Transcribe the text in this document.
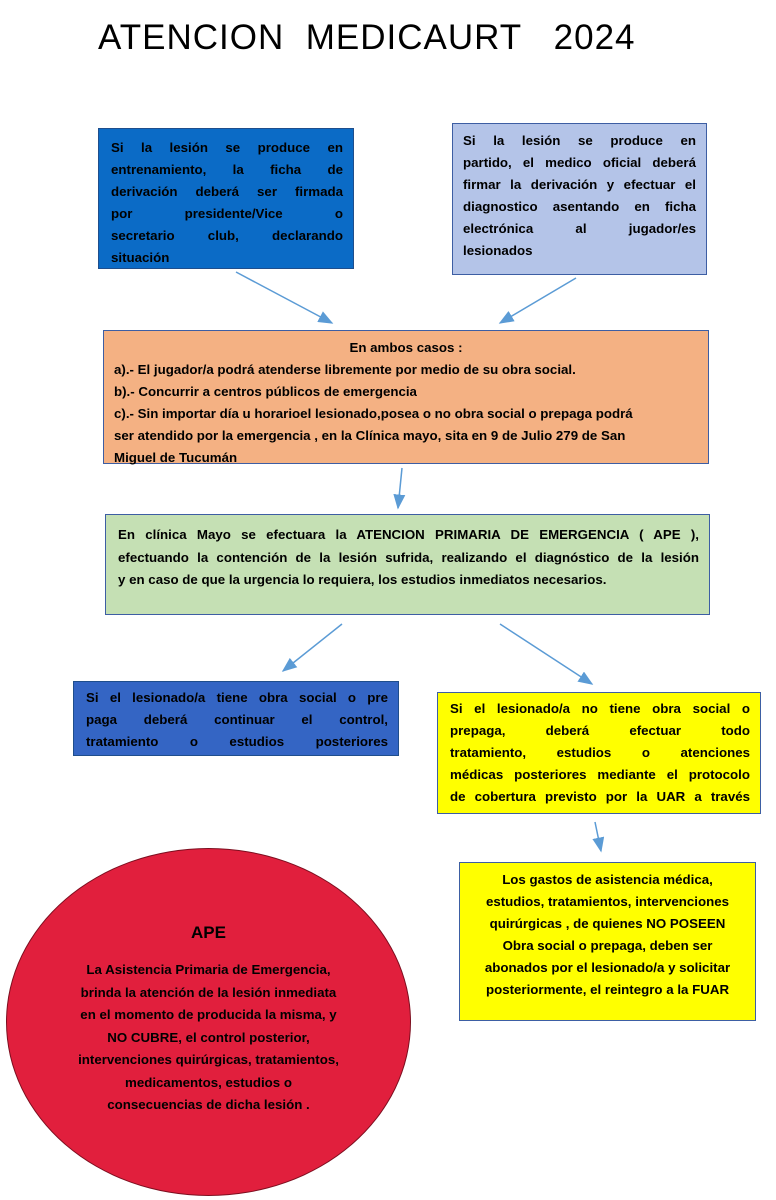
ATENCION  MEDICAURT   2024
Si la lesión se produce en
entrenamiento, la ficha de
derivación deberá ser firmada
por presidente/Vice o
secretario club, declarando
situación
Si la lesión se produce en
partido, el medico oficial deberá
firmar la derivación y efectuar el
diagnostico asentando en ficha
electrónica al jugador/es
lesionados
En ambos casos :
a).- El jugador/a podrá atenderse libremente por medio de su obra social.
b).- Concurrir a centros públicos de emergencia
c).- Sin importar día u horarioel lesionado,posea o no obra social o prepaga podrá
ser atendido por la emergencia , en la Clínica mayo, sita en 9 de Julio 279 de San
Miguel de Tucumán
En clínica Mayo se efectuara la ATENCION PRIMARIA DE EMERGENCIA ( APE ),
efectuando la contención de la lesión sufrida, realizando el diagnóstico de la lesión
y en caso de que la urgencia lo requiera, los estudios inmediatos necesarios.
Si el lesionado/a tiene obra social o pre
paga deberá continuar el control,
tratamiento o estudios posteriores
Si el lesionado/a no tiene obra social o
prepaga, deberá efectuar todo
tratamiento, estudios o atenciones
médicas posteriores mediante el protocolo
de cobertura previsto por la UAR a través
Los gastos de asistencia médica,
estudios, tratamientos, intervenciones
quirúrgicas , de quienes NO POSEEN
Obra social o prepaga, deben ser
abonados por el lesionado/a y solicitar
posteriormente, el reintegro a la FUAR
APE
La Asistencia Primaria de Emergencia,
brinda la atención de la lesión inmediata
en el momento de producida la misma, y
NO CUBRE, el control posterior,
intervenciones quirúrgicas, tratamientos,
medicamentos, estudios o
consecuencias de dicha lesión .
